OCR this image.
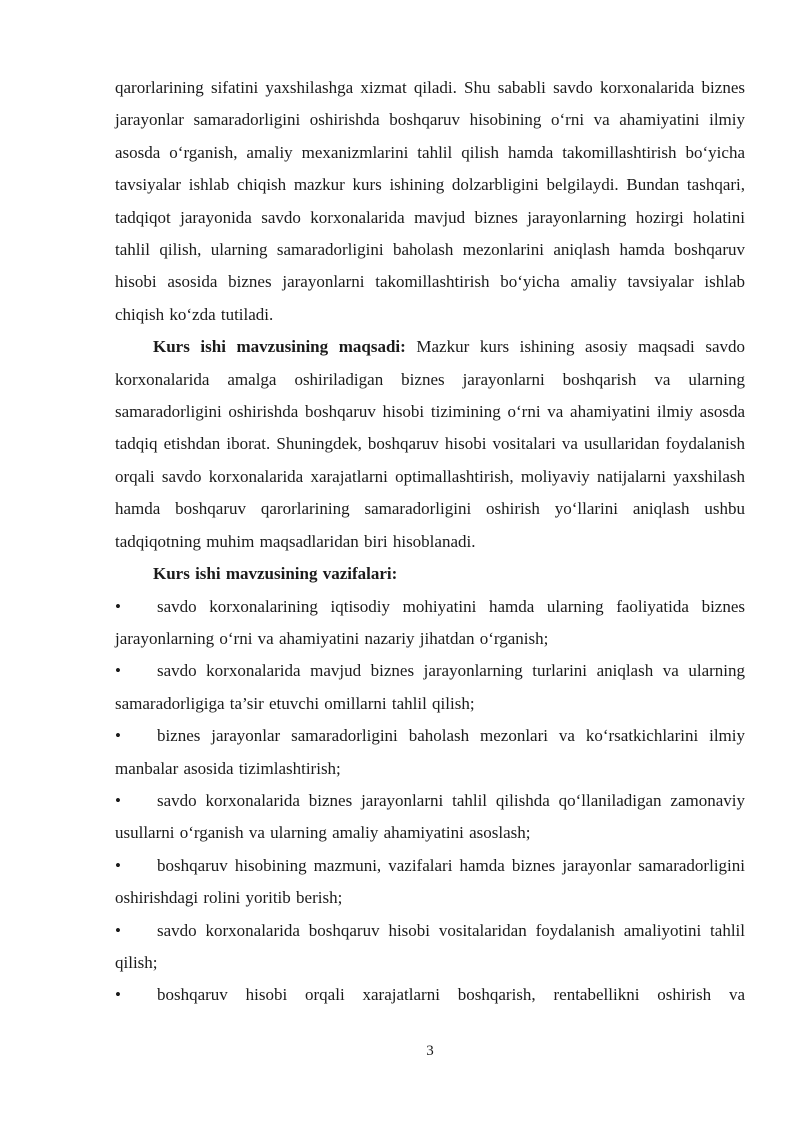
qarorlarining sifatini yaxshilashga xizmat qiladi. Shu sababli savdo korxonalarida biznes jarayonlar samaradorligini oshirishda boshqaruv hisobining o‘rni va ahamiyatini ilmiy asosda o‘rganish, amaliy mexanizmlarini tahlil qilish hamda takomillashtirish bo‘yicha tavsiyalar ishlab chiqish mazkur kurs ishining dolzarbligini belgilaydi. Bundan tashqari, tadqiqot jarayonida savdo korxonalarida mavjud biznes jarayonlarning hozirgi holatini tahlil qilish, ularning samaradorligini baholash mezonlarini aniqlash hamda boshqaruv hisobi asosida biznes jarayonlarni takomillashtirish bo‘yicha amaliy tavsiyalar ishlab chiqish ko‘zda tutiladi.

Kurs ishi mavzusining maqsadi: Mazkur kurs ishining asosiy maqsadi savdo korxonalarida amalga oshiriladigan biznes jarayonlarni boshqarish va ularning samaradorligini oshirishda boshqaruv hisobi tizimining o‘rni va ahamiyatini ilmiy asosda tadqiq etishdan iborat. Shuningdek, boshqaruv hisobi vositalari va usullaridan foydalanish orqali savdo korxonalarida xarajatlarni optimallashtirish, moliyaviy natijalarni yaxshilash hamda boshqaruv qarorlarining samaradorligini oshirish yo‘llarini aniqlash ushbu tadqiqotning muhim maqsadlaridan biri hisoblanadi.

Kurs ishi mavzusining vazifalari:

• savdo korxonalarining iqtisodiy mohiyatini hamda ularning faoliyatida biznes jarayonlarning o‘rni va ahamiyatini nazariy jihatdan o‘rganish;

• savdo korxonalarida mavjud biznes jarayonlarning turlarini aniqlash va ularning samaradorligiga ta’sir etuvchi omillarni tahlil qilish;

• biznes jarayonlar samaradorligini baholash mezonlari va ko‘rsatkichlarini ilmiy manbalar asosida tizimlashtirish;

• savdo korxonalarida biznes jarayonlarni tahlil qilishda qo‘llaniladigan zamonaviy usullarni o‘rganish va ularning amaliy ahamiyatini asoslash;

• boshqaruv hisobining mazmuni, vazifalari hamda biznes jarayonlar samaradorligini oshirishdagi rolini yoritib berish;

• savdo korxonalarida boshqaruv hisobi vositalaridan foydalanish amaliyotini tahlil qilish;

• boshqaruv hisobi orqali xarajatlarni boshqarish, rentabellikni oshirish va

3
